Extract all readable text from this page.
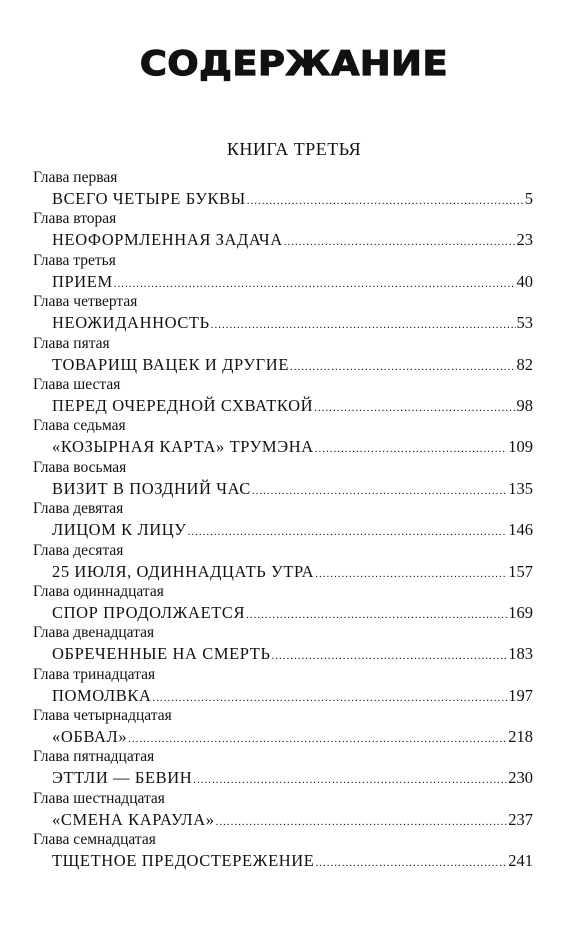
СОДЕРЖАНИЕ
КНИГА ТРЕТЬЯ
Глава первая
ВСЕГО ЧЕТЫРЕ БУКВЫ .....	5
Глава вторая
НЕОФОРМЛЕННАЯ ЗАДАЧА .....	23
Глава третья
ПРИЕМ .....	40
Глава четвертая
НЕОЖИДАННОСТЬ .....	53
Глава пятая
ТОВАРИЩ ВАЦЕК И ДРУГИЕ .....	82
Глава шестая
ПЕРЕД ОЧЕРЕДНОЙ СХВАТКОЙ .....	98
Глава седьмая
«КОЗЫРНАЯ КАРТА» ТРУМЭНА .....	109
Глава восьмая
ВИЗИТ В ПОЗДНИЙ ЧАС .....	135
Глава девятая
ЛИЦОМ К ЛИЦУ .....	146
Глава десятая
25 ИЮЛЯ, ОДИННАДЦАТЬ УТРА .....	157
Глава одиннадцатая
СПОР ПРОДОЛЖАЕТСЯ .....	169
Глава двенадцатая
ОБРЕЧЕННЫЕ НА СМЕРТЬ .....	183
Глава тринадцатая
ПОМОЛВКА .....	197
Глава четырнадцатая
«ОБВАЛ» .....	218
Глава пятнадцатая
ЭТТЛИ — БЕВИН .....	230
Глава шестнадцатая
«СМЕНА КАРАУЛА» .....	237
Глава семнадцатая
ТЩЕТНОЕ ПРЕДОСТЕРЕЖЕНИЕ .....	241
